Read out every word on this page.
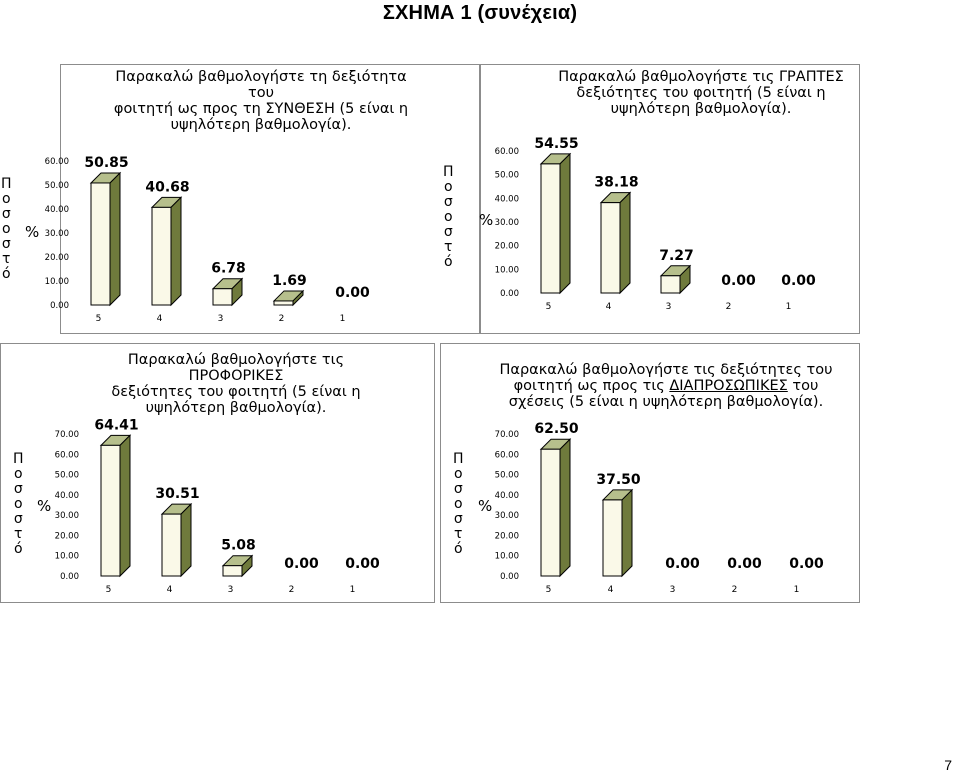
ΣΧΗΜΑ 1 (συνέχεια)
Παρακαλώ βαθμολογήστε τη δεξιότητα του
φοιτητή ως προς τη ΣΥΝΘΕΣΗ (5 είναι η
υψηλότερη βαθμολογία).
Π
ο
σ
ο
σ
τ
ό
%
0.00
10.00
20.00
30.00
40.00
50.00
60.00 50.85
5
40.68
4
6.78
3
1.69
2
0.00
1
Παρακαλώ βαθμολογήστε τις ΓΡΑΠΤΕΣ
δεξιότητες του φοιτητή (5 είναι η
υψηλότερη βαθμολογία).
Π
ο
σ
ο
σ
τ
ό
%
0.00
10.00
20.00
30.00
40.00
50.00
60.00
54.55
5
38.18
4
7.27
3
0.00
2
0.00
1
Παρακαλώ βαθμολογήστε τις ΠΡΟΦΟΡΙΚΕΣ
δεξιότητες του φοιτητή (5 είναι η
υψηλότερη βαθμολογία).
Π
ο
σ
ο
σ
τ
ό
%
0.00
10.00
20.00
30.00
40.00
50.00
60.00
70.00
64.41
5
30.51
4
5.08
3
0.00
2
0.00
1
Παρακαλώ βαθμολογήστε τις δεξιότητες του
φοιτητή ως προς τις ΔΙΑΠΡΟΣΩΠΙΚΕΣ του
σχέσεις (5 είναι η υψηλότερη βαθμολογία).
Π
ο
σ
ο
σ
τ
ό
%
0.00
10.00
20.00
30.00
40.00
50.00
60.00
70.00 62.50
5
37.50
4
0.00
3
0.00
2
0.00
1
7
